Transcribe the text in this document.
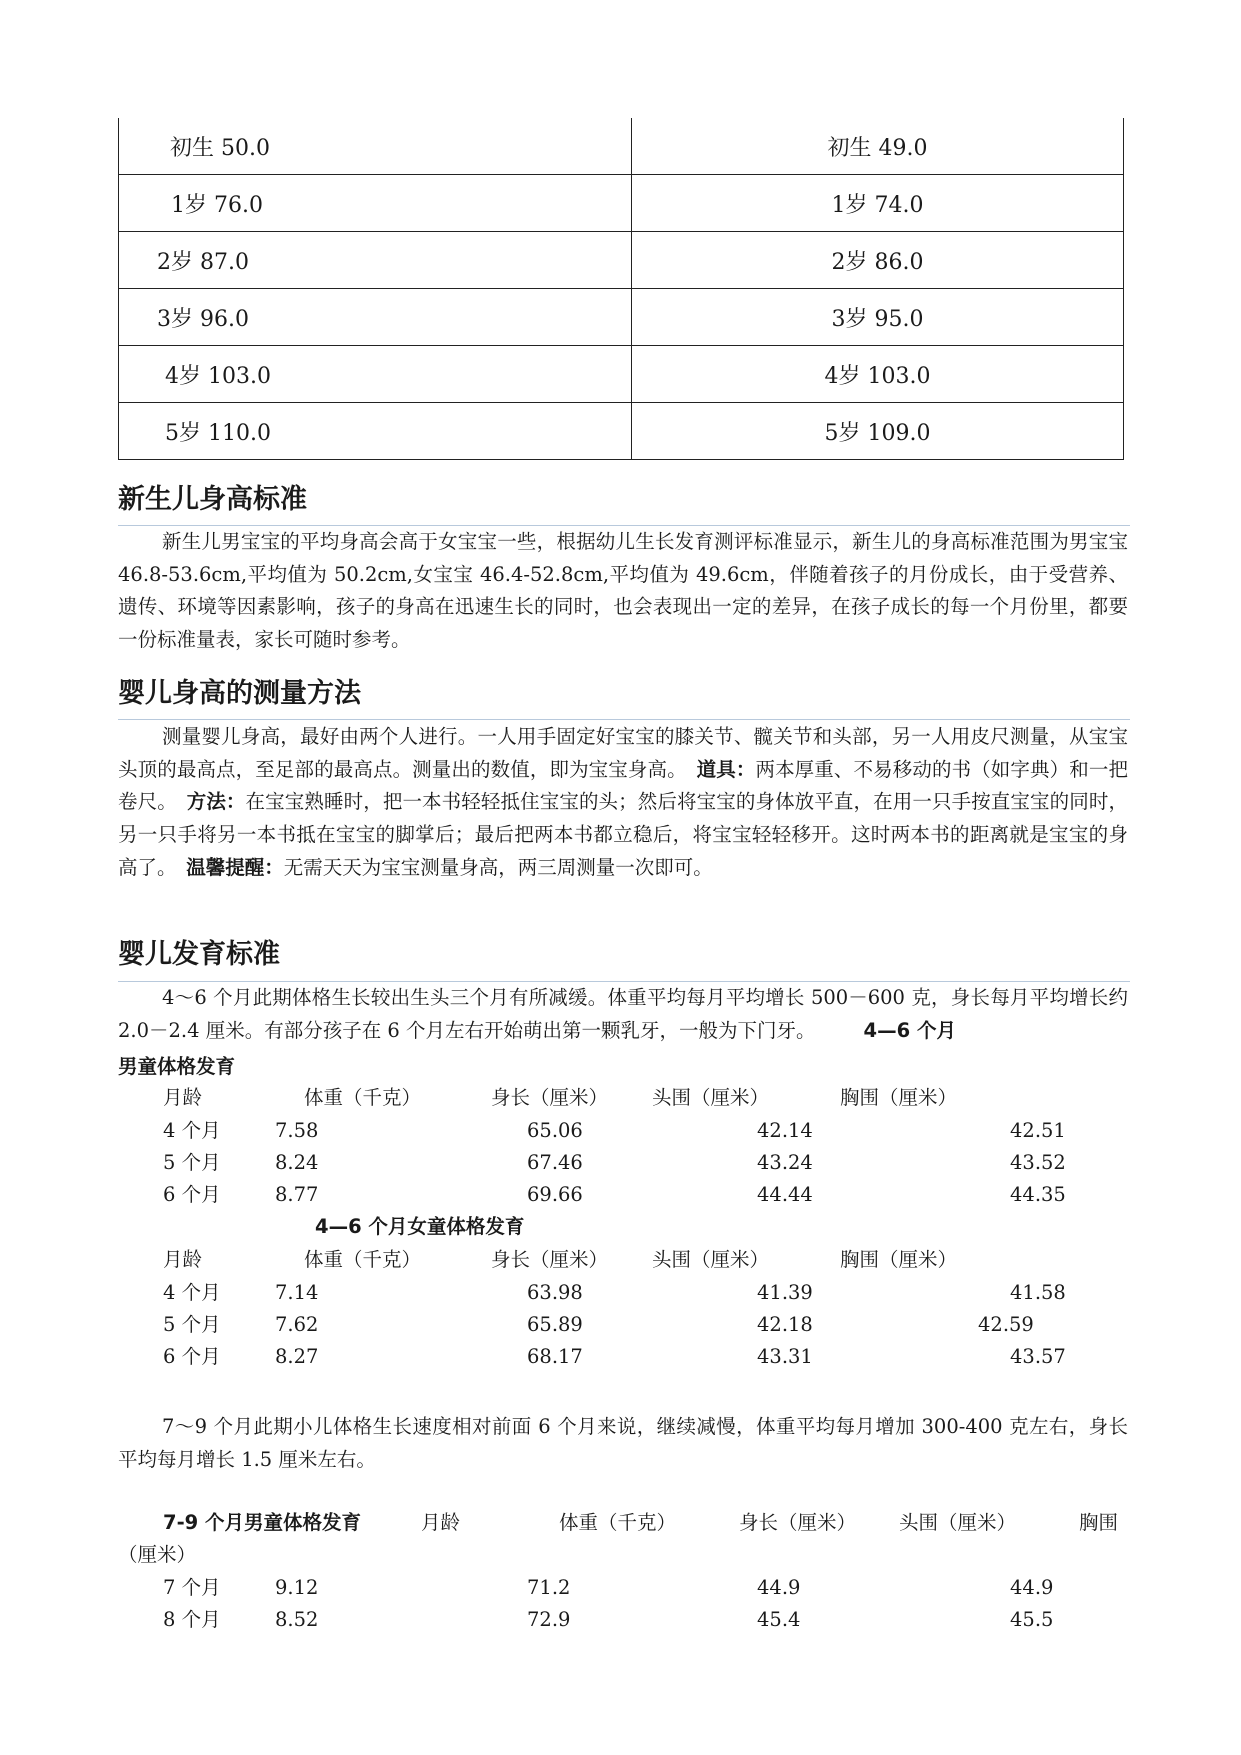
初生 50.0	初生 49.0
1岁 76.0	1岁 74.0
2岁 87.0	2岁 86.0
3岁 96.0	3岁 95.0
4岁 103.0	4岁 103.0
5岁 110.0	5岁 109.0
新生儿身高标准

新生儿男宝宝的平均身高会高于女宝宝一些，根据幼儿生长发育测评标准显示，新生儿的身高标准范围为男宝宝 46.8-53.6cm,平均值为 50.2cm,女宝宝 46.4-52.8cm,平均值为 49.6cm，伴随着孩子的月份成长，由于受营养、遗传、环境等因素影响，孩子的身高在迅速生长的同时，也会表现出一定的差异，在孩子成长的每一个月份里，都要一份标准量表，家长可随时参考。

婴儿身高的测量方法

测量婴儿身高，最好由两个人进行。一人用手固定好宝宝的膝关节、髋关节和头部，另一人用皮尺测量，从宝宝头顶的最高点，至足部的最高点。测量出的数值，即为宝宝身高。　道具：两本厚重、不易移动的书（如字典）和一把卷尺。　方法：在宝宝熟睡时，把一本书轻轻抵住宝宝的头；然后将宝宝的身体放平直，在用一只手按直宝宝的同时，另一只手将另一本书抵在宝宝的脚掌后；最后把两本书都立稳后，将宝宝轻轻移开。这时两本书的距离就是宝宝的身高了。　温馨提醒：无需天天为宝宝测量身高，两三周测量一次即可。

婴儿发育标准

4～6 个月此期体格生长较出生头三个月有所减缓。体重平均每月平均增长 500－600 克，身长每月平均增长约 2.0－2.4 厘米。有部分孩子在 6 个月左右开始萌出第一颗乳牙，一般为下门牙。 4—6 个月

男童体格发育
月龄	体重（千克）	身长（厘米） 头围（厘米）	胸围（厘米）
4 个月	7.58	65.06	42.14	42.51
5 个月	8.24	67.46	43.24	43.52
6 个月	8.77	69.66	44.44	44.35
4—6 个月女童体格发育
月龄	体重（千克）	身长（厘米） 头围（厘米）	胸围（厘米）
4 个月	7.14	63.98	41.39	41.58
5 个月	7.62	65.89	42.18	42.59
6 个月	8.27	68.17	43.31	43.57

7～9 个月此期小儿体格生长速度相对前面 6 个月来说，继续减慢，体重平均每月增加 300-400 克左右，身长平均每月增长 1.5 厘米左右。

7-9 个月男童体格发育	月龄	体重（千克）	身长（厘米） 头围（厘米）	胸围
（厘米）
7 个月	9.12	71.2	44.9	44.9
8 个月	8.52	72.9	45.4	45.5
